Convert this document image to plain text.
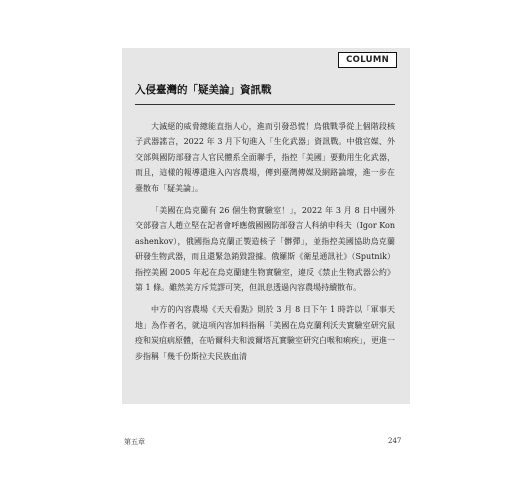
COLUMN
入侵臺灣的「疑美論」資訊戰

大滅絕的威脅總能直指人心，進而引發恐慌！烏俄戰爭從上個階段核子武器謠言，2022 年 3 月下旬進入「生化武器」資訊戰。中俄官媒、外交部與國防部發言人官民體系全面聯手，指控「美國」要動用生化武器，而且，這樣的報導還進入內容農場，傳到臺灣傳媒及網路論壇，進一步在臺散布「疑美論」。

「美國在烏克蘭有 26 個生物實驗室！」，2022 年 3 月 8 日中國外交部發言人趙立堅在記者會呼應俄國國防部發言人科納申科夫（Igor Konashenkov），俄國指烏克蘭正製造核子「髒彈」，並指控美國協助烏克蘭研發生物武器，而且還緊急銷毀證據。俄羅斯《衛星通訊社》（Sputnik）指控美國 2005 年起在烏克蘭建生物實驗室，違反《禁止生物武器公約》第 1 條。雖然美方斥荒謬可笑，但訊息透過內容農場持續散布。

中方的內容農場《天天看點》則於 3 月 8 日下午 1 時許以「軍事天地」為作者名，就這項內容加料指稱「美國在烏克蘭利沃夫實驗室研究鼠疫和炭疽病原體，在哈爾科夫和波爾塔瓦實驗室研究白喉和痢疾」，更進一步指稱「幾千份斯拉夫民族血清

第五章	247
